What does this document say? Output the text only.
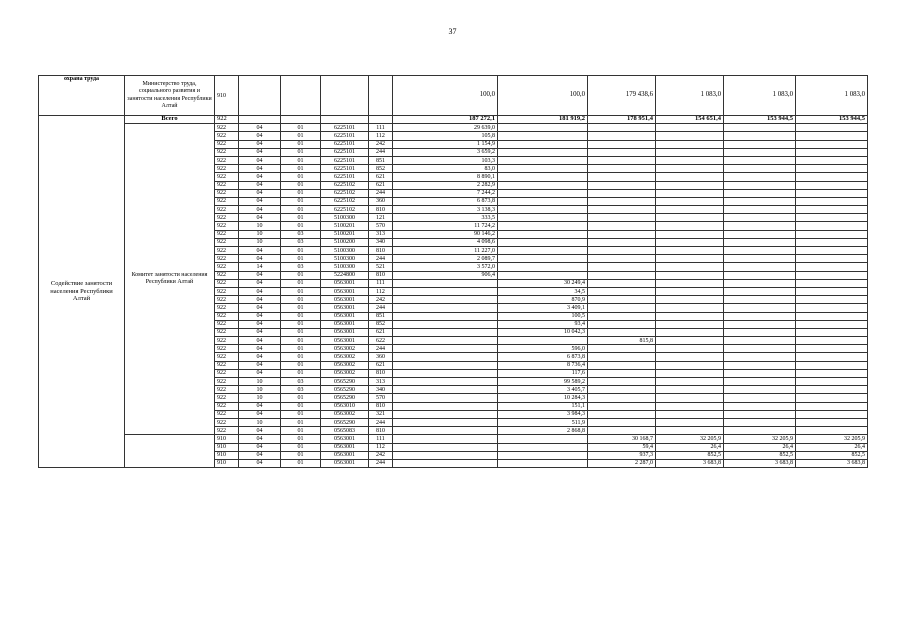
37
охрана труда	Министерство труда, социального развития и занятости населения Республики Алтай	910					100,0	100,0	179 438,6	1 083,0	1 083,0	1 083,0
Содействие занятости населения Республики Алтай	Всего	922					187 272,1	181 919,2	178 951,4	154 651,4	153 944,5	153 944,5
	Комитет занятости населения Республики Алтай	922	04	01	6225101	111	29 639,0					
		922	04	01	6225101	112	105,8					
		922	04	01	6225101	242	1 154,9					
		922	04	01	6225101	244	3 659,2					
		922	04	01	6225101	851	103,3					
		922	04	01	6225101	852	83,0					
		922	04	01	6225101	621	8 890,1					
		922	04	01	6225102	621	2 282,9					
		922	04	01	6225102	244	7 244,2					
		922	04	01	6225102	360	6 873,8					
		922	04	01	6225102	810	3 138,3					
		922	04	01	5100300	121	333,5					
		922	10	01	5100201	570	11 724,2					
		922	10	03	5100201	313	90 146,2					
		922	10	03	5100200	340	4 098,6					
		922	04	01	5100300	810	11 227,0					
		922	04	01	5100300	244	2 089,7					
		922	14	03	5100300	521	3 572,0					
		922	04	01	5224800	810	906,4					
		922	04	01	0563001	111		30 249,4				
		922	04	01	0563001	112		34,5				
		922	04	01	0563001	242		870,9				
		922	04	01	0563001	244		3 409,1				
		922	04	01	0563001	851		100,5				
		922	04	01	0563001	852		93,4				
		922	04	01	0563001	621		10 042,3				
		922	04	01	0563001	622			815,8			
		922	04	01	0563002	244		596,0				
		922	04	01	0563002	360		6 873,8				
		922	04	01	0563002	621		8 736,4				
		922	04	01	0563002	810		117,6				
		922	10	03	0565290	313		99 589,2				
		922	10	03	0565290	340		3 405,7				
		922	10	01	0565290	570		10 284,3				
		922	04	01	0563010	810		151,1				
		922	04	01	0563002	321		3 984,3				
		922	10	01	0565290	244		511,9				
		922	04	01	0565083	810		2 868,8				
		910	04	01	0563001	111			30 168,7	32 205,9	32 205,9	32 205,9
		910	04	01	0563001	112			59,4	26,4	26,4	26,4
		910	04	01	0563001	242			937,3	852,5	852,5	852,5
		910	04	01	0563001	244			2 287,0	3 683,8	3 683,8	3 683,8
